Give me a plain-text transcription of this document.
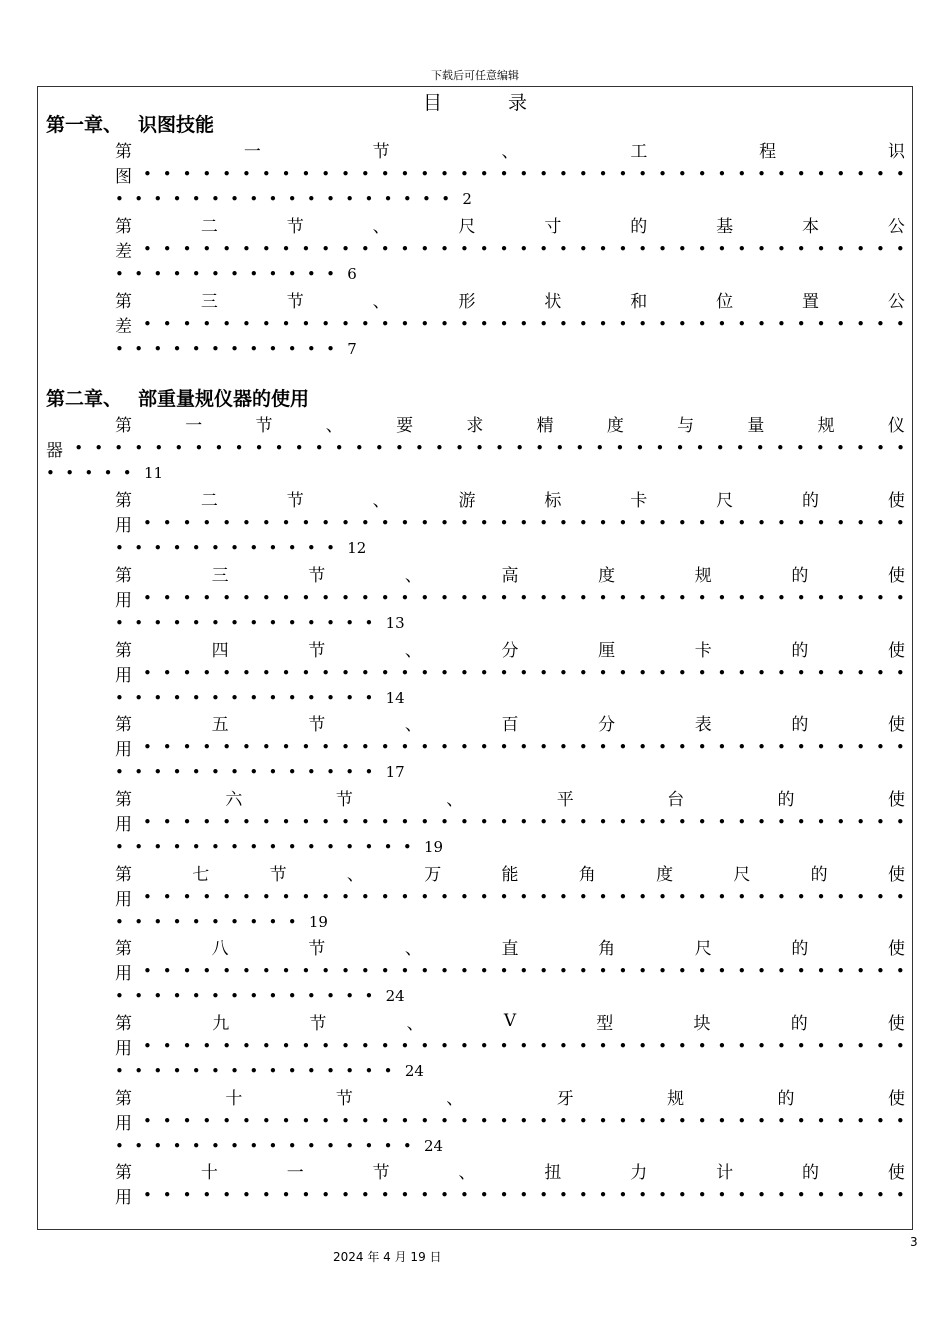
下载后可任意编辑
目 录
第一章、 识图技能
第	一	节	、	工	程	识
图 • • • • • • • • • • • • • • • • • • • • • • • • • • • • • • • • • • • • • • •
• • • • • • • • • • • • • • • • • • 2
第	二	节	、	尺	寸	的	基	本	公
差 • • • • • • • • • • • • • • • • • • • • • • • • • • • • • • • • • • • • • • •
• • • • • • • • • • • • 6
第	三	节	、	形	状	和	位	置	公
差 • • • • • • • • • • • • • • • • • • • • • • • • • • • • • • • • • • • • • • •
• • • • • • • • • • • • 7
第二章、 部重量规仪器的使用
第	一	节	、	要	求	精	度	与	量	规	仪
器 • • • • • • • • • • • • • • • • • • • • • • • • • • • • • • • • • • • • • • • • • •
• • • • • 11
第	二	节	、	游	标	卡	尺	的	使
用 • • • • • • • • • • • • • • • • • • • • • • • • • • • • • • • • • • • • • • •
• • • • • • • • • • • • 12
第	三	节	、	高	度	规	的	使
用 • • • • • • • • • • • • • • • • • • • • • • • • • • • • • • • • • • • • • • •
• • • • • • • • • • • • • • 13
第	四	节	、	分	厘	卡	的	使
用 • • • • • • • • • • • • • • • • • • • • • • • • • • • • • • • • • • • • • • •
• • • • • • • • • • • • • • 14
第	五	节	、	百	分	表	的	使
用 • • • • • • • • • • • • • • • • • • • • • • • • • • • • • • • • • • • • • • •
• • • • • • • • • • • • • • 17
第	六	节	、	平	台	的	使
用 • • • • • • • • • • • • • • • • • • • • • • • • • • • • • • • • • • • • • • •
• • • • • • • • • • • • • • • • 19
第	七	节	、	万	能	角	度	尺	的	使
用 • • • • • • • • • • • • • • • • • • • • • • • • • • • • • • • • • • • • • • •
• • • • • • • • • • 19
第	八	节	、	直	角	尺	的	使
用 • • • • • • • • • • • • • • • • • • • • • • • • • • • • • • • • • • • • • • •
• • • • • • • • • • • • • • 24
第	九	节	、	V	型	块	的	使
用 • • • • • • • • • • • • • • • • • • • • • • • • • • • • • • • • • • • • • • •
• • • • • • • • • • • • • • • 24
第	十	节	、	牙	规	的	使
用 • • • • • • • • • • • • • • • • • • • • • • • • • • • • • • • • • • • • • • •
• • • • • • • • • • • • • • • • 24
第	十	一	节	、	扭	力	计	的	使
用 • • • • • • • • • • • • • • • • • • • • • • • • • • • • • • • • • • • • • • •
3
2024 年 4 月 19 日
